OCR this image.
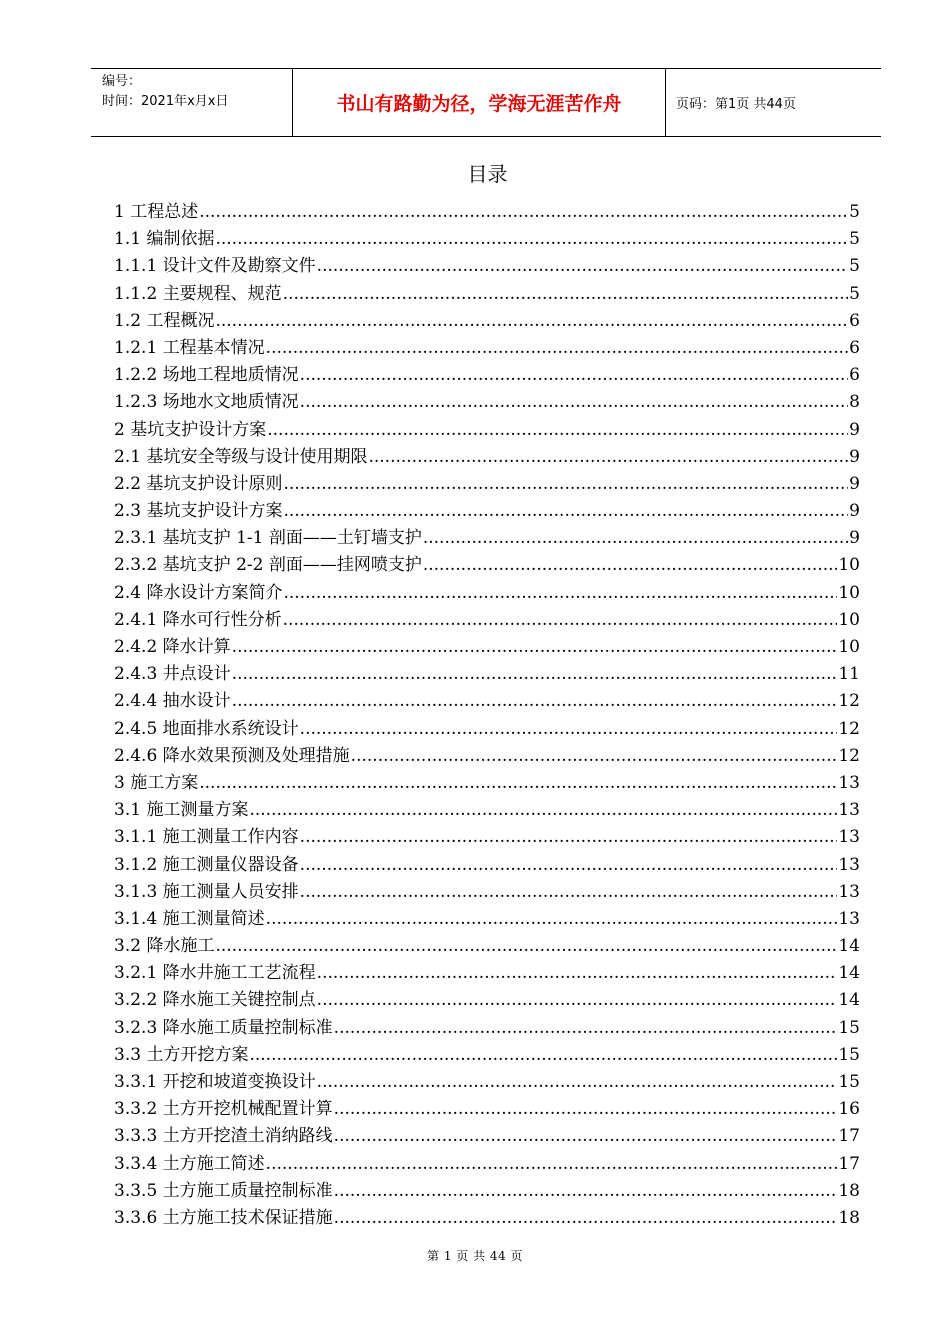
编号：
时间：2021年x月x日	书山有路勤为径，学海无涯苦作舟	页码：第1页 共44页
目录
1 工程总述 .....	5
1.1 编制依据 .....	5
1.1.1 设计文件及勘察文件 .....	5
1.1.2 主要规程、规范 .....	5
1.2 工程概况 .....	6
1.2.1 工程基本情况 .....	6
1.2.2 场地工程地质情况 .....	6
1.2.3 场地水文地质情况 .....	8
2 基坑支护设计方案 .....	9
2.1 基坑安全等级与设计使用期限 .....	9
2.2 基坑支护设计原则 .....	9
2.3 基坑支护设计方案 .....	9
2.3.1 基坑支护 1-1 剖面——土钉墙支护 .....	9
2.3.2 基坑支护 2-2 剖面——挂网喷支护 .....	10
2.4 降水设计方案简介 .....	10
2.4.1 降水可行性分析 .....	10
2.4.2 降水计算 .....	10
2.4.3 井点设计 .....	11
2.4.4 抽水设计 .....	12
2.4.5 地面排水系统设计 .....	12
2.4.6 降水效果预测及处理措施 .....	12
3 施工方案 .....	13
3.1 施工测量方案 .....	13
3.1.1 施工测量工作内容 .....	13
3.1.2 施工测量仪器设备 .....	13
3.1.3 施工测量人员安排 .....	13
3.1.4 施工测量简述 .....	13
3.2 降水施工 .....	14
3.2.1 降水井施工工艺流程 .....	14
3.2.2 降水施工关键控制点 .....	14
3.2.3 降水施工质量控制标准 .....	15
3.3 土方开挖方案 .....	15
3.3.1 开挖和坡道变换设计 .....	15
3.3.2 土方开挖机械配置计算 .....	16
3.3.3 土方开挖渣土消纳路线 .....	17
3.3.4 土方施工简述 .....	17
3.3.5 土方施工质量控制标准 .....	18
3.3.6 土方施工技术保证措施 .....	18
第 1 页 共 44 页
